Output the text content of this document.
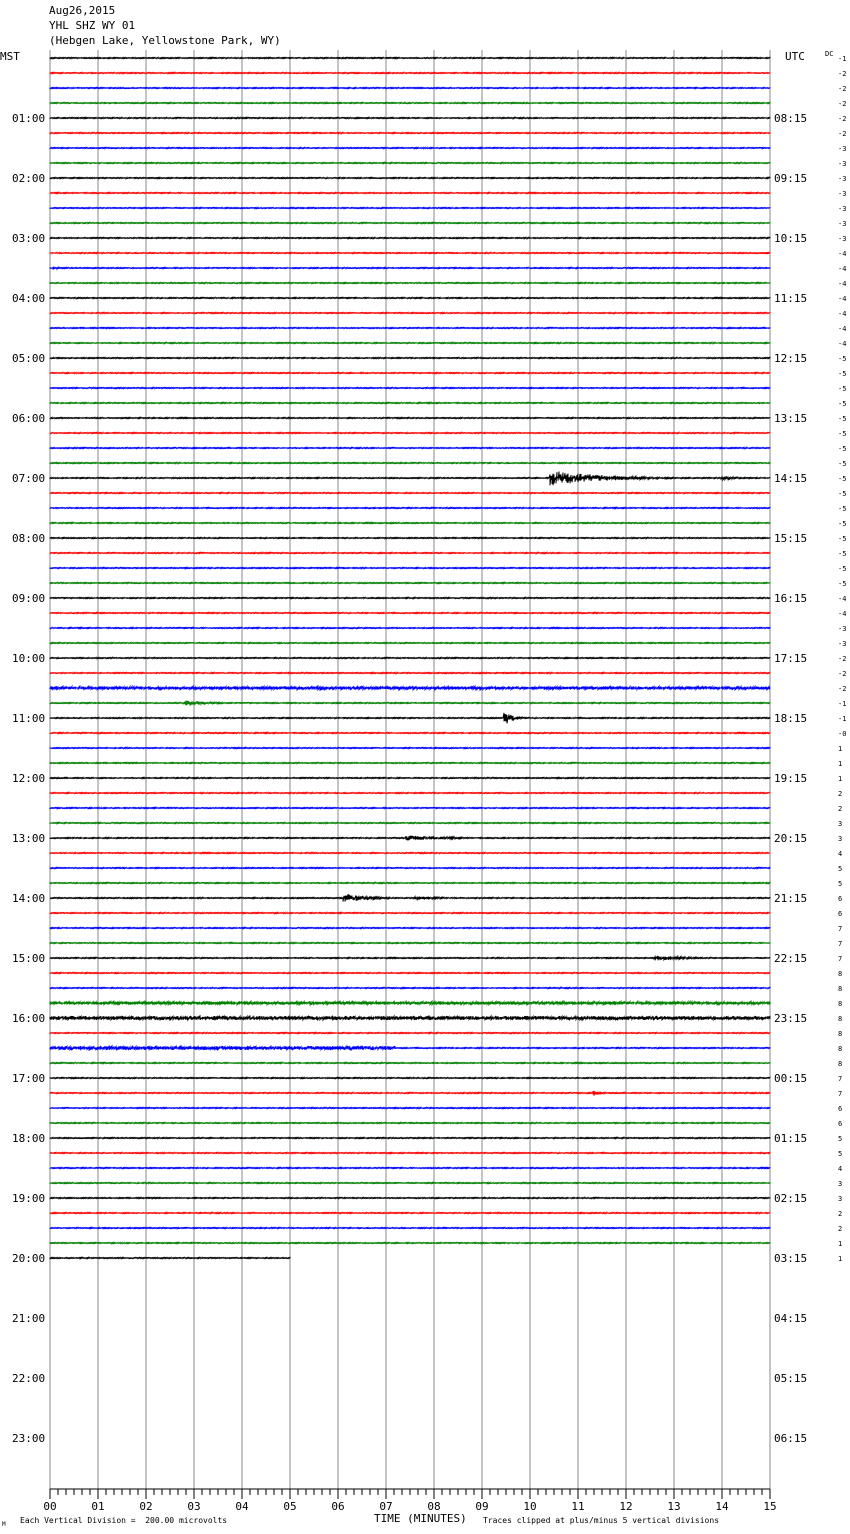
Aug26,2015
YHL SHZ WY 01
(Hebgen Lake, Yellowstone Park, WY)
-1
-2
-2
-2
-2
-2
-3
-3
-3
-3
-3
-3
-3
-4
-4
-4
-4
-4
-4
-4
-5
-5
-5
-5
-5
-5
-5
-5
-5
-5
-5
-5
-5
-5
-5
-5
-4
-4
-3
-3
-2
-2
-2
-1
-1
-0
1
1
1
2
2
3
3
4
5
5
6
6
7
7
7
8
8
8
8
8
8
8
7
7
6
6
5
5
4
3
3
2
2
1
1
01:00	08:15
02:00	09:15
03:00	10:15
04:00	11:15
05:00	12:15
06:00	13:15
07:00	14:15
08:00	15:15
09:00	16:15
10:00	17:15
11:00	18:15
12:00	19:15
13:00	20:15
14:00	21:15
15:00	22:15
16:00	23:15
17:00	00:15
18:00	01:15
19:00	02:15
20:00	03:15
21:00	04:15
22:00	05:15
23:00	06:15
00	01	02	03	04	05	06	07	08	09	10	11	12	13	14	15
MST	UTC	DC
M Each Vertical Division =  200.00 microvolts	TIME (MINUTES) Traces clipped at plus/minus 5 vertical divisions
